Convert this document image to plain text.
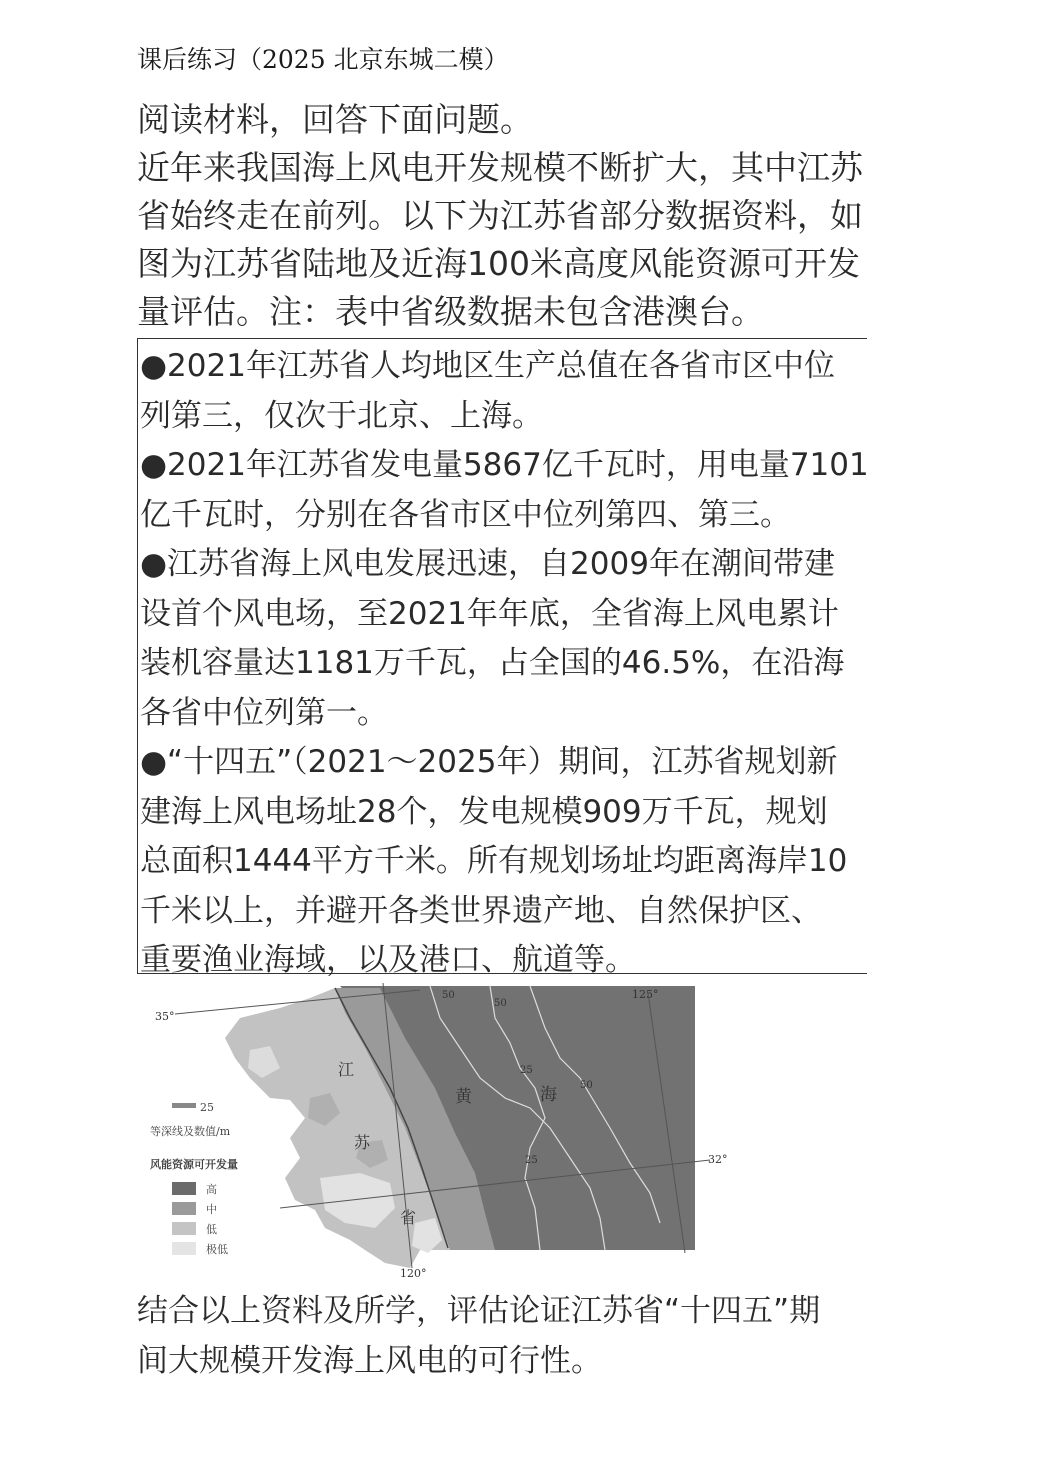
课后练习（2025 北京东城二模）
阅读材料，回答下面问题。
近年来我国海上风电开发规模不断扩大，其中江苏
省始终走在前列。以下为江苏省部分数据资料，如
图为江苏省陆地及近海100米高度风能资源可开发
量评估。注：表中省级数据未包含港澳台。
●2021年江苏省人均地区生产总值在各省市区中位
列第三，仅次于北京、上海。
●2021年江苏省发电量5867亿千瓦时，用电量7101
亿千瓦时，分别在各省市区中位列第四、第三。
●江苏省海上风电发展迅速，自2009年在潮间带建
设首个风电场，至2021年年底，全省海上风电累计
装机容量达1181万千瓦，占全国的46.5%，在沿海
各省中位列第一。
●“十四五”（2021～2025年）期间，江苏省规划新
建海上风电场址28个，发电规模909万千瓦，规划
总面积1444平方千米。所有规划场址均距离海岸10
千米以上，并避开各类世界遗产地、自然保护区、
重要渔业海域，以及港口、航道等。
35°
32°
125°
120°
江
苏
省
黄	海
50
50
50
25
25
25
等深线及数值/m
风能资源可开发量
高
中
低
极低
结合以上资料及所学，评估论证江苏省“十四五”期
间大规模开发海上风电的可行性。
